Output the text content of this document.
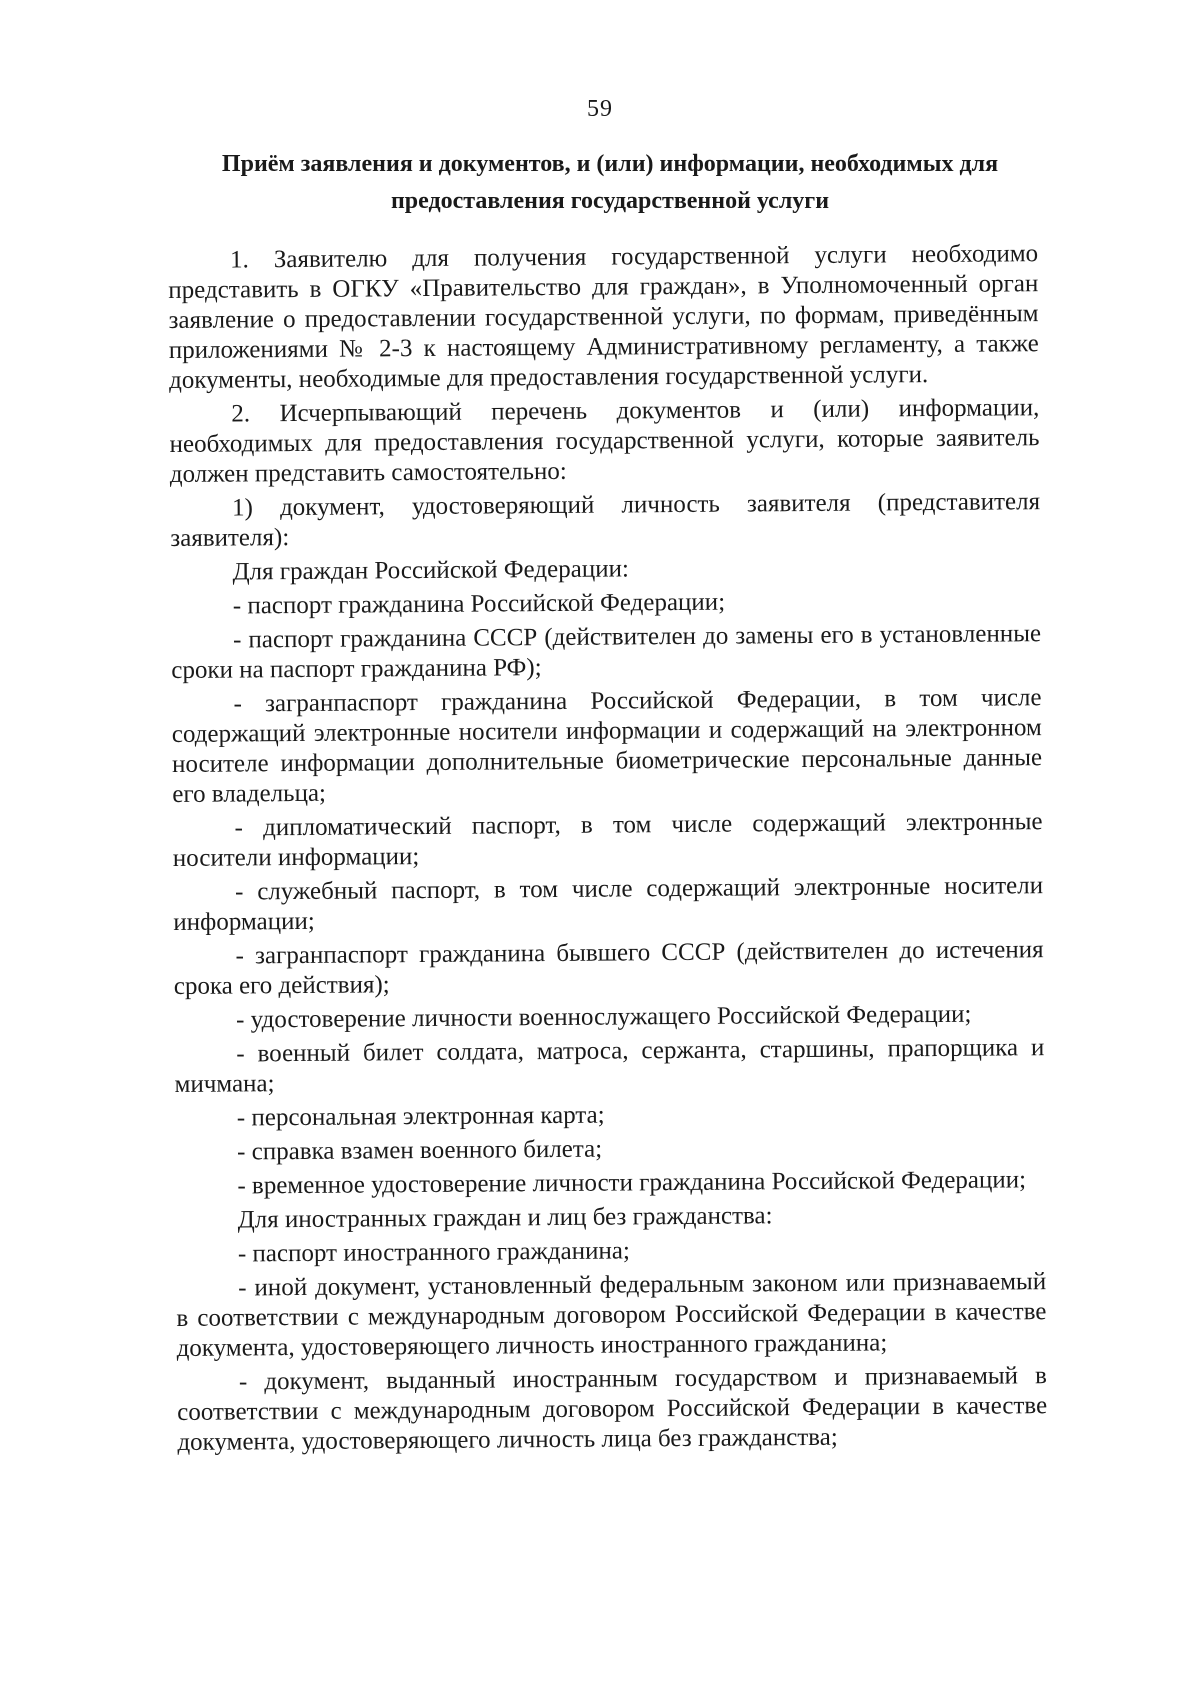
59
Приём заявления и документов, и (или) информации, необходимых для предоставления государственной услуги

1. Заявителю для получения государственной услуги необходимо представить в ОГКУ «Правительство для граждан», в Уполномоченный орган заявление о предоставлении государственной услуги, по формам, приведённым приложениями № 2-3 к настоящему Административному регламенту, а также документы, необходимые для предоставления государственной услуги.

2. Исчерпывающий перечень документов и (или) информации, необходимых для предоставления государственной услуги, которые заявитель должен представить самостоятельно:

1) документ, удостоверяющий личность заявителя (представителя заявителя):

Для граждан Российской Федерации:

- паспорт гражданина Российской Федерации;

- паспорт гражданина СССР (действителен до замены его в установленные сроки на паспорт гражданина РФ);

- загранпаспорт гражданина Российской Федерации, в том числе содержащий электронные носители информации и содержащий на электронном носителе информации дополнительные биометрические персональные данные его владельца;

- дипломатический паспорт, в том числе содержащий электронные носители информации;

- служебный паспорт, в том числе содержащий электронные носители информации;

- загранпаспорт гражданина бывшего СССР (действителен до истечения срока его действия);

- удостоверение личности военнослужащего Российской Федерации;

- военный билет солдата, матроса, сержанта, старшины, прапорщика и мичмана;

- персональная электронная карта;

- справка взамен военного билета;

- временное удостоверение личности гражданина Российской Федерации;

Для иностранных граждан и лиц без гражданства:

- паспорт иностранного гражданина;

- иной документ, установленный федеральным законом или признаваемый в соответствии с международным договором Российской Федерации в качестве документа, удостоверяющего личность иностранного гражданина;

- документ, выданный иностранным государством и признаваемый в соответствии с международным договором Российской Федерации в качестве документа, удостоверяющего личность лица без гражданства;
